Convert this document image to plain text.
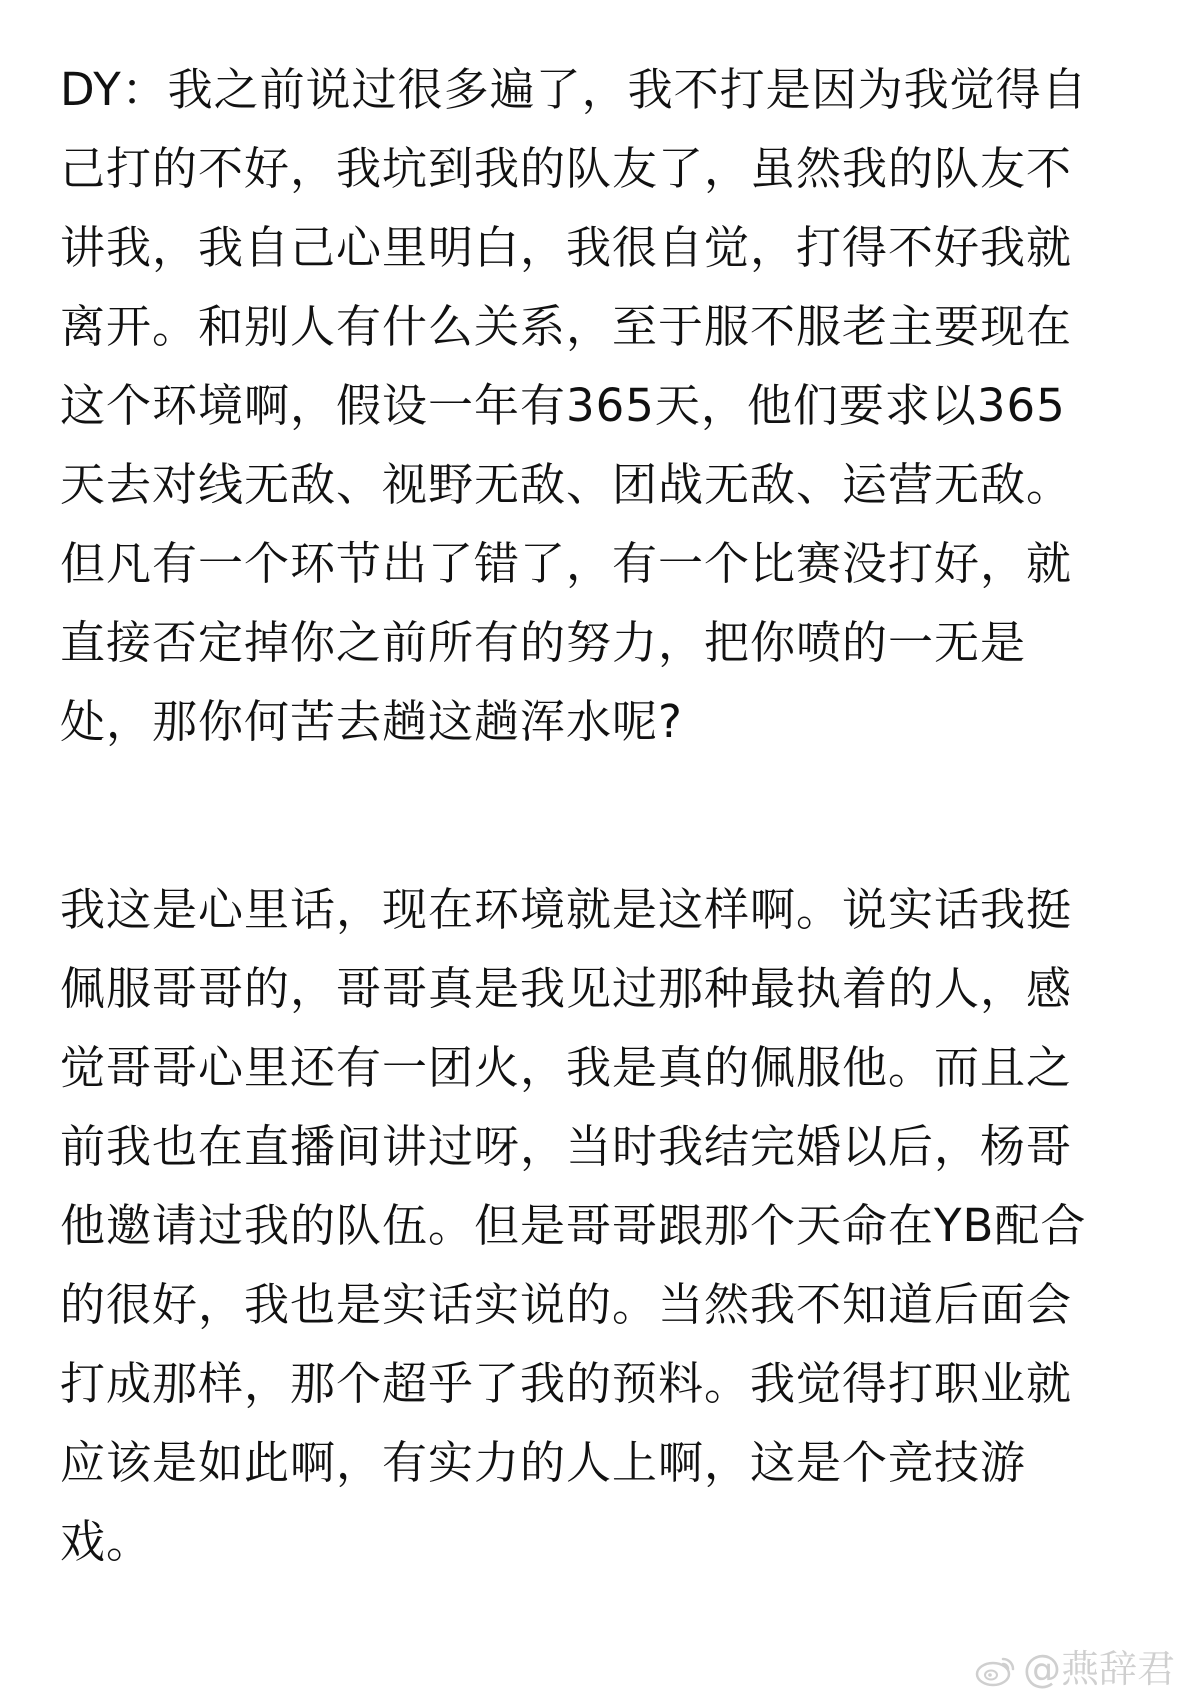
DY：我之前说过很多遍了，我不打是因为我觉得自
己打的不好，我坑到我的队友了，虽然我的队友不
讲我，我自己心里明白，我很自觉，打得不好我就
离开。和别人有什么关系，至于服不服老主要现在
这个环境啊，假设一年有365天，他们要求以365
天去对线无敌、视野无敌、团战无敌、运营无敌。
但凡有一个环节出了错了，有一个比赛没打好，就
直接否定掉你之前所有的努力，把你喷的一无是
处，那你何苦去趟这趟浑水呢?
我这是心里话，现在环境就是这样啊。说实话我挺
佩服哥哥的，哥哥真是我见过那种最执着的人，感
觉哥哥心里还有一团火，我是真的佩服他。而且之
前我也在直播间讲过呀，当时我结完婚以后，杨哥
他邀请过我的队伍。但是哥哥跟那个天命在YB配合
的很好，我也是实话实说的。当然我不知道后面会
打成那样，那个超乎了我的预料。我觉得打职业就
应该是如此啊，有实力的人上啊，这是个竞技游
戏。
@燕辞君
